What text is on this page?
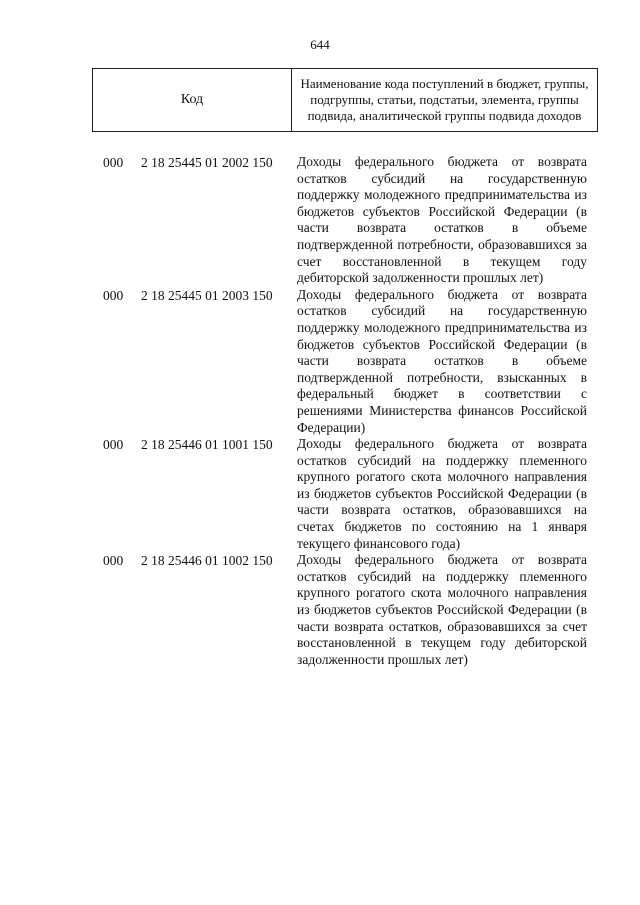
644
Код
Наименование кода поступлений в бюджет, группы, подгруппы, статьи, подстатьи, элемента, группы подвида, аналитической группы подвида доходов
000 2 18 25445 01 2002 150 Доходы федерального бюджета от возврата остатков субсидий на государственную поддержку молодежного предпринимательства из бюджетов субъектов Российской Федерации (в части возврата остатков в объеме подтвержденной потребности, образовавшихся за счет восстановленной в текущем году дебиторской задолженности прошлых лет)
000 2 18 25445 01 2003 150 Доходы федерального бюджета от возврата остатков субсидий на государственную поддержку молодежного предпринимательства из бюджетов субъектов Российской Федерации (в части возврата остатков в объеме подтвержденной потребности, взысканных в федеральный бюджет в соответствии с решениями Министерства финансов Российской Федерации)
000 2 18 25446 01 1001 150 Доходы федерального бюджета от возврата остатков субсидий на поддержку племенного крупного рогатого скота молочного направления из бюджетов субъектов Российской Федерации (в части возврата остатков, образовавшихся на счетах бюджетов по состоянию на 1 января текущего финансового года)
000 2 18 25446 01 1002 150 Доходы федерального бюджета от возврата остатков субсидий на поддержку племенного крупного рогатого скота молочного направления из бюджетов субъектов Российской Федерации (в части возврата остатков, образовавшихся за счет восстановленной в текущем году дебиторской задолженности прошлых лет)
